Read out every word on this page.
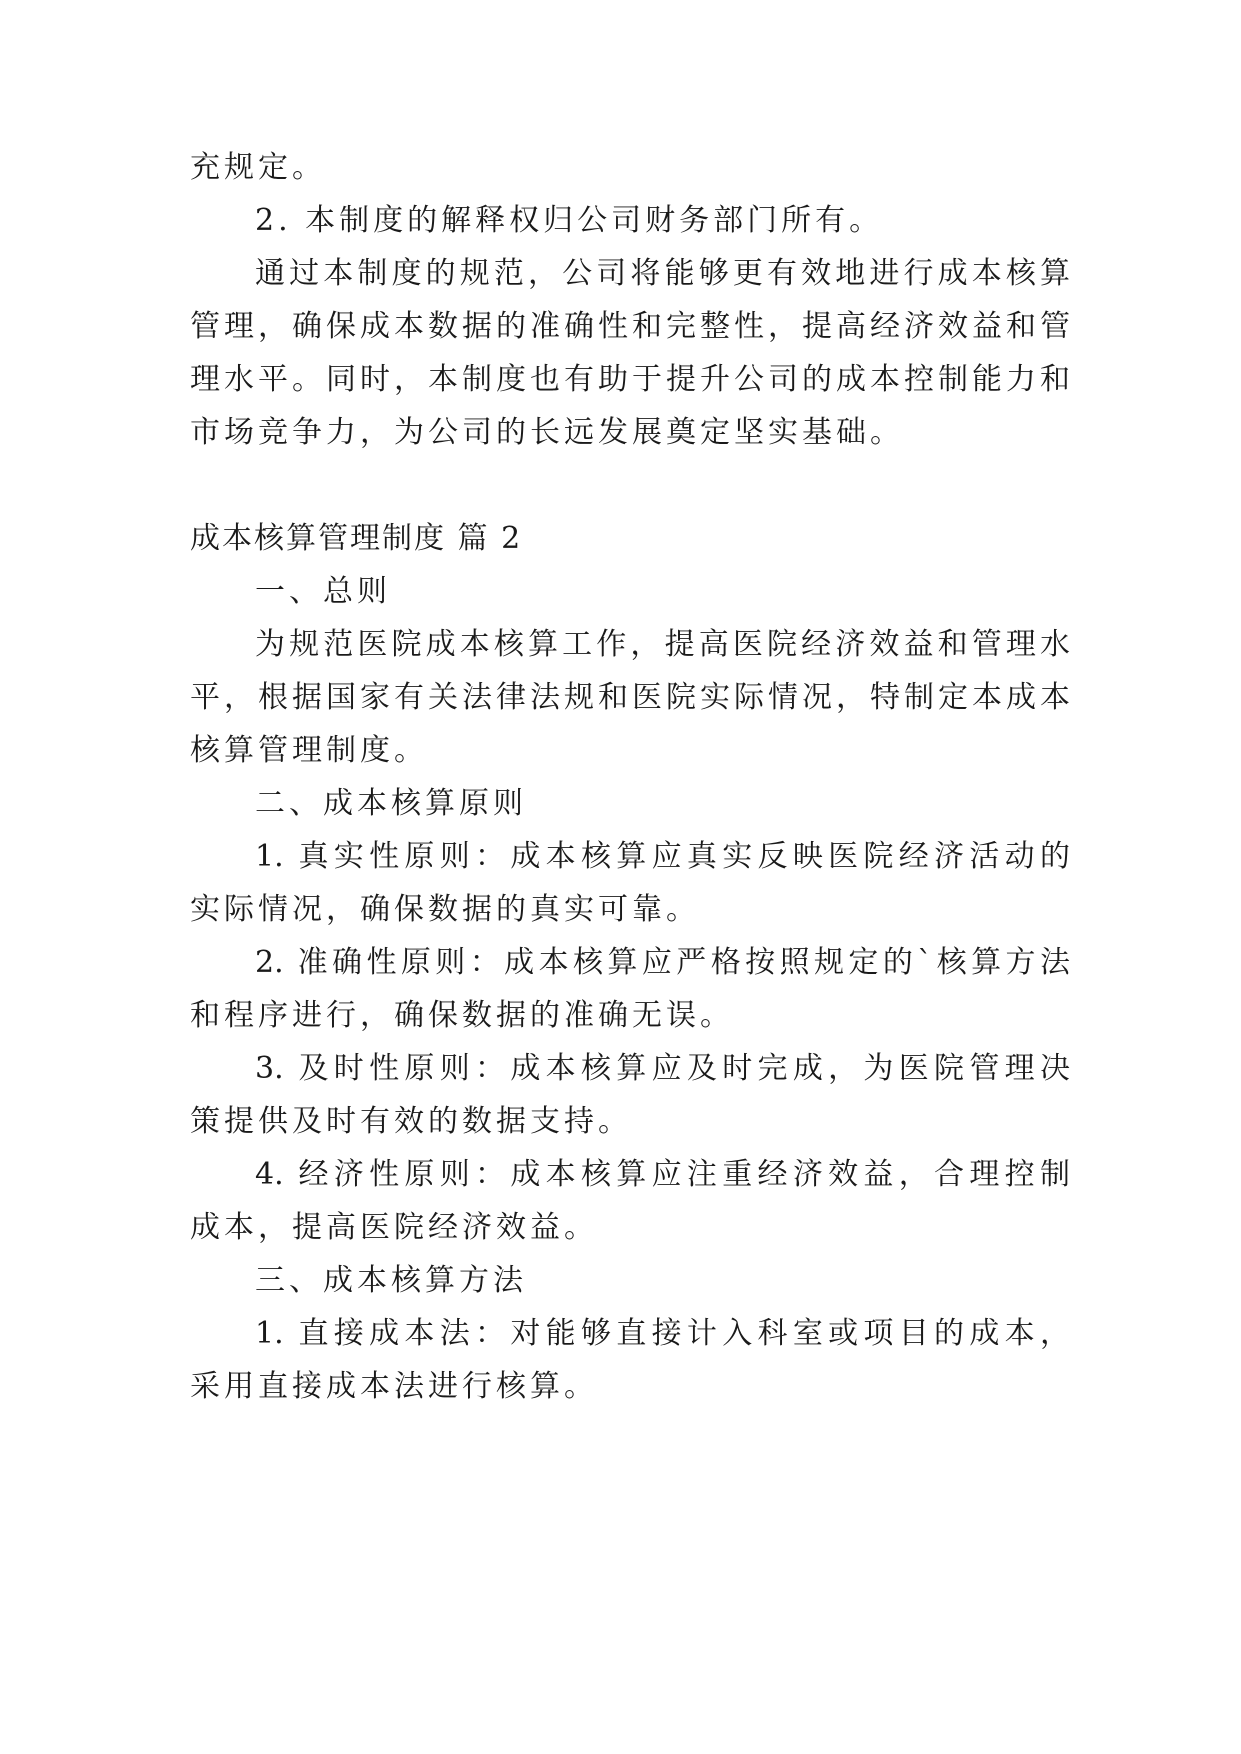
充规定。

2. 本制度的解释权归公司财务部门所有。

通过本制度的规范，公司将能够更有效地进行成本核算

管理，确保成本数据的准确性和完整性，提高经济效益和管

理水平。同时，本制度也有助于提升公司的成本控制能力和

市场竞争力，为公司的长远发展奠定坚实基础。

成本核算管理制度 篇 2

一、总则

为规范医院成本核算工作，提高医院经济效益和管理水

平，根据国家有关法律法规和医院实际情况，特制定本成本

核算管理制度。

二、成本核算原则

1. 真实性原则：成本核算应真实反映医院经济活动的

实际情况，确保数据的真实可靠。

2. 准确性原则：成本核算应严格按照规定的`核算方法

和程序进行，确保数据的准确无误。

3. 及时性原则：成本核算应及时完成，为医院管理决

策提供及时有效的数据支持。

4. 经济性原则：成本核算应注重经济效益，合理控制

成本，提高医院经济效益。

三、成本核算方法

1. 直接成本法：对能够直接计入科室或项目的成本，

采用直接成本法进行核算。
